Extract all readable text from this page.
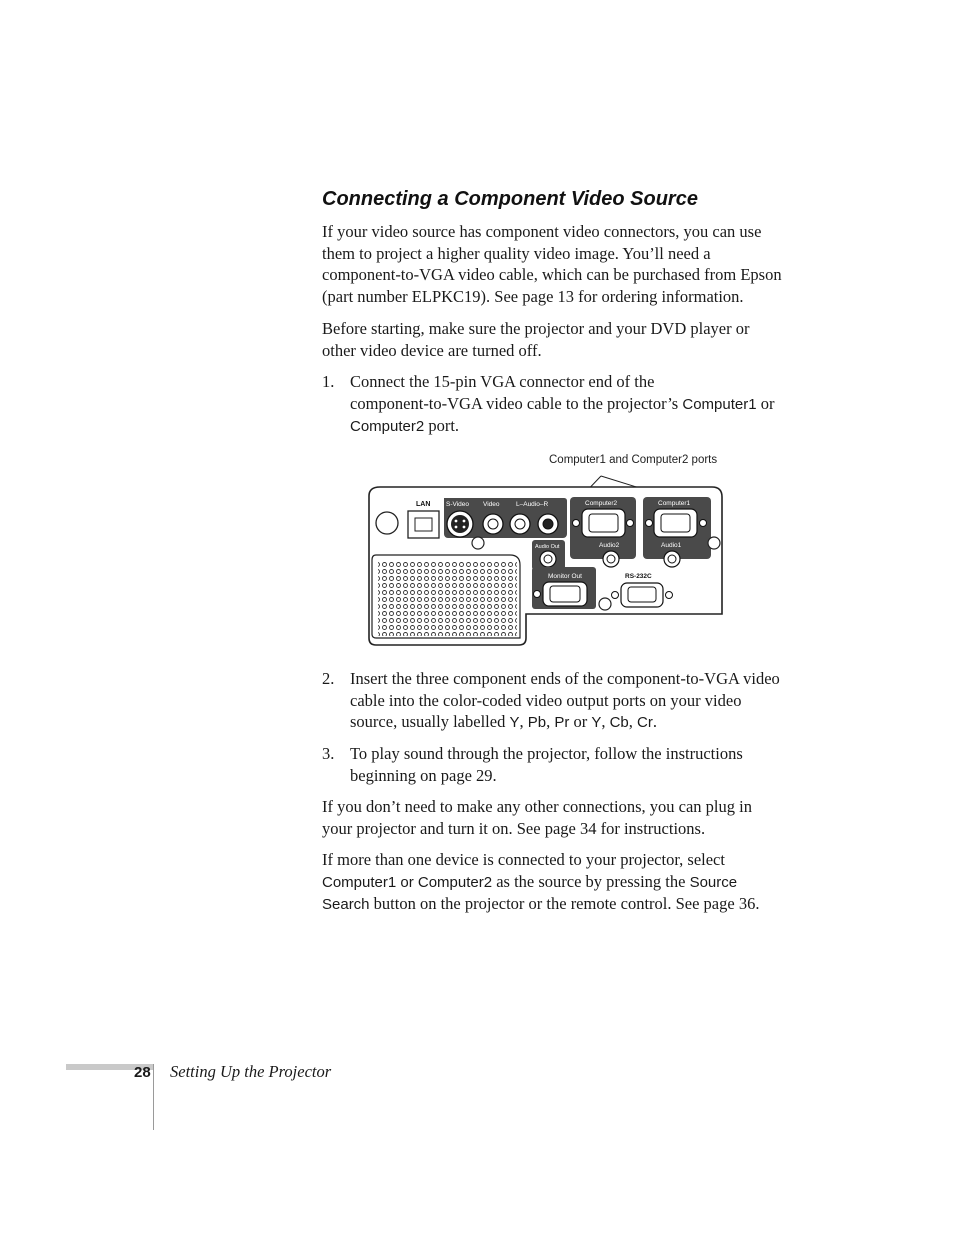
Connecting a Component Video Source
If your video source has component video connectors, you can use
them to project a higher quality video image. You’ll need a
component-to-VGA video cable, which can be purchased from Epson
(part number ELPKC19). See page 13 for ordering information.
Before starting, make sure the projector and your DVD player or
other video device are turned off.
1. Connect the 15-pin VGA connector end of the
component-to-VGA video cable to the projector’s Computer1 or
Computer2 port.
Computer1 and Computer2 ports
LAN S-Video Video	L–Audio–R	Computer2
Audio2
Computer1
Audio1
Audio Out
Monitor Out	RS-232C
2. Insert the three component ends of the component-to-VGA video
cable into the color-coded video output ports on your video
source, usually labelled Y, Pb, Pr or Y, Cb, Cr.
3. To play sound through the projector, follow the instructions
beginning on page 29.
If you don’t need to make any other connections, you can plug in
your projector and turn it on. See page 34 for instructions.
If more than one device is connected to your projector, select
Computer1 or Computer2 as the source by pressing the Source
Search button on the projector or the remote control. See page 36.
28 Setting Up the Projector
